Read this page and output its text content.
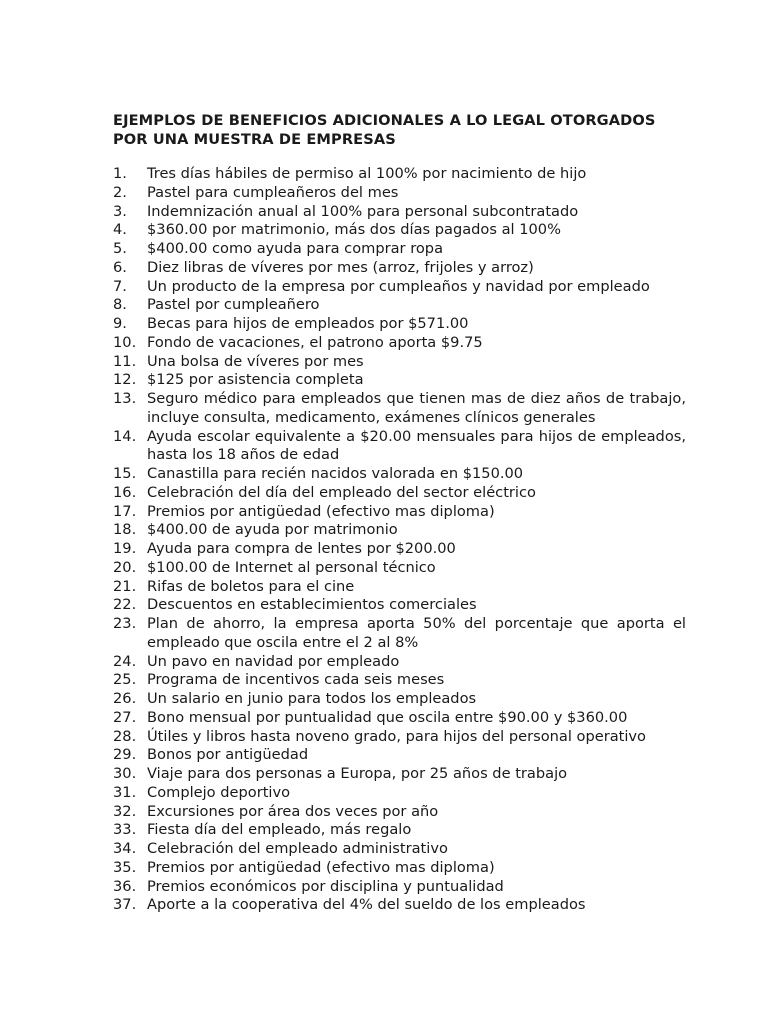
EJEMPLOS DE BENEFICIOS ADICIONALES A LO LEGAL OTORGADOS POR UNA MUESTRA DE EMPRESAS
1.	Tres días hábiles de permiso al 100% por nacimiento de hijo
2.	Pastel para cumpleañeros del mes
3.	Indemnización anual al 100% para personal subcontratado
4.	$360.00 por matrimonio, más dos días pagados al 100%
5.	$400.00 como ayuda para comprar ropa
6.	Diez libras de víveres por mes (arroz, frijoles y arroz)
7.	Un producto de la empresa por cumpleaños y navidad por empleado
8.	Pastel por cumpleañero
9.	Becas para hijos de empleados por $571.00
10. Fondo de vacaciones, el patrono aporta $9.75
11. Una bolsa de víveres por mes
12. $125 por asistencia completa
13. Seguro médico para empleados que tienen mas de diez años de trabajo, incluye consulta, medicamento, exámenes clínicos generales
14. Ayuda escolar equivalente a $20.00 mensuales para hijos de empleados, hasta los 18 años de edad
15. Canastilla para recién nacidos valorada en $150.00
16. Celebración del día del empleado del sector eléctrico
17. Premios por antigüedad (efectivo mas diploma)
18. $400.00 de ayuda por matrimonio
19. Ayuda para compra de lentes por $200.00
20. $100.00 de Internet al personal técnico
21. Rifas de boletos para el cine
22. Descuentos en establecimientos comerciales
23. Plan de ahorro, la empresa aporta 50% del porcentaje que aporta el empleado que oscila entre el 2 al 8%
24. Un pavo en navidad por empleado
25. Programa de incentivos cada seis meses
26. Un salario en junio para todos los empleados
27. Bono mensual por puntualidad que oscila entre $90.00 y $360.00
28. Útiles y libros hasta noveno grado, para hijos del personal operativo
29. Bonos por antigüedad
30. Viaje para dos personas a Europa, por 25 años de trabajo
31. Complejo deportivo
32. Excursiones por área dos veces por año
33. Fiesta día del empleado, más regalo
34. Celebración del empleado administrativo
35. Premios por antigüedad (efectivo mas diploma)
36. Premios económicos por disciplina y puntualidad
37. Aporte a la cooperativa del 4% del sueldo de los empleados
